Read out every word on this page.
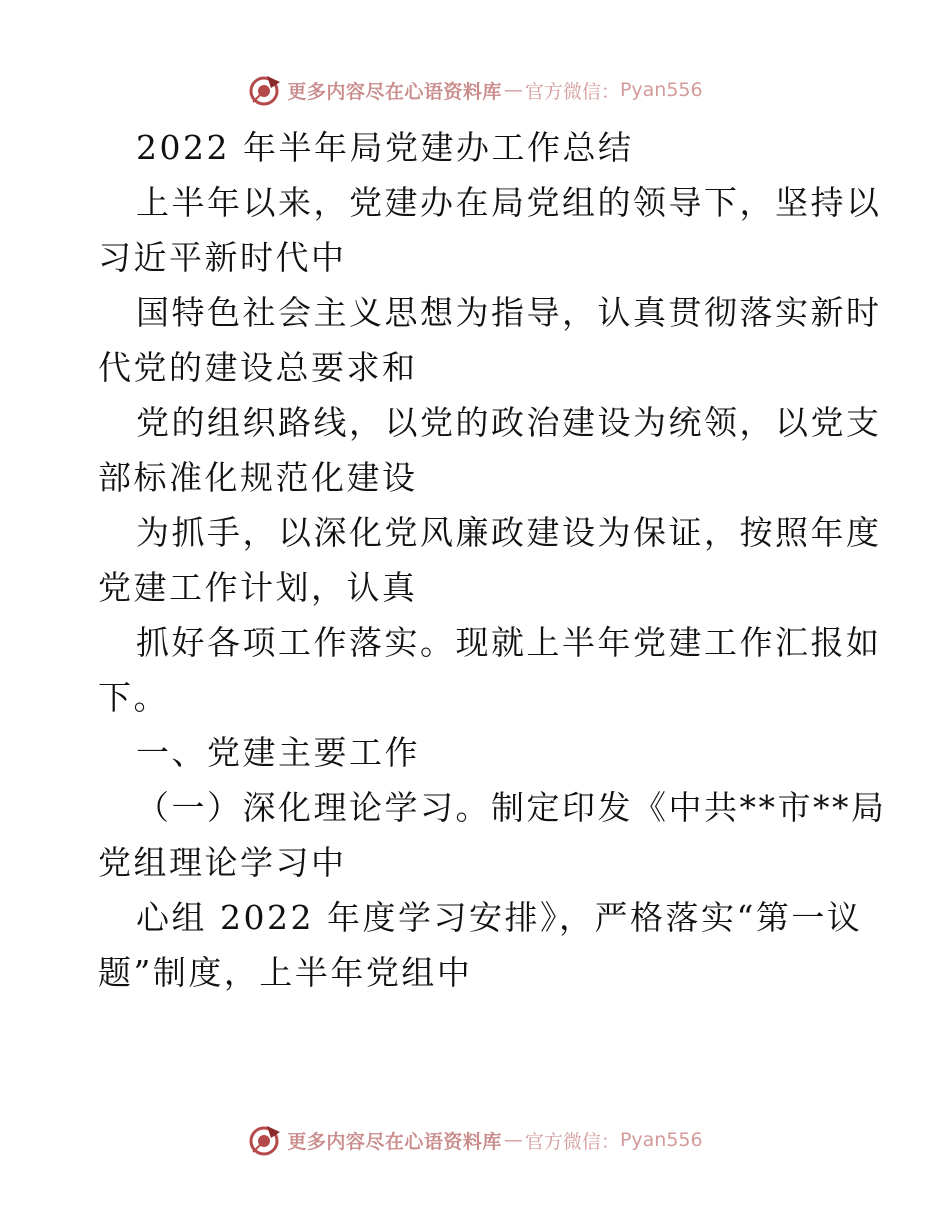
更多内容尽在心语资料库 — 官方微信： Pyan556

2022 年半年局党建办工作总结

上半年以来，党建办在局党组的领导下，坚持以

习近平新时代中

国特色社会主义思想为指导，认真贯彻落实新时

代党的建设总要求和

党的组织路线，以党的政治建设为统领，以党支

部标准化规范化建设

为抓手，以深化党风廉政建设为保证，按照年度

党建工作计划，认真

抓好各项工作落实。现就上半年党建工作汇报如

下。

一、党建主要工作

（一）深化理论学习。制定印发《中共**市**局

党组理论学习中

心组 2022 年度学习安排》，严格落实“第一议

题”制度，上半年党组中

更多内容尽在心语资料库 — 官方微信： Pyan556
